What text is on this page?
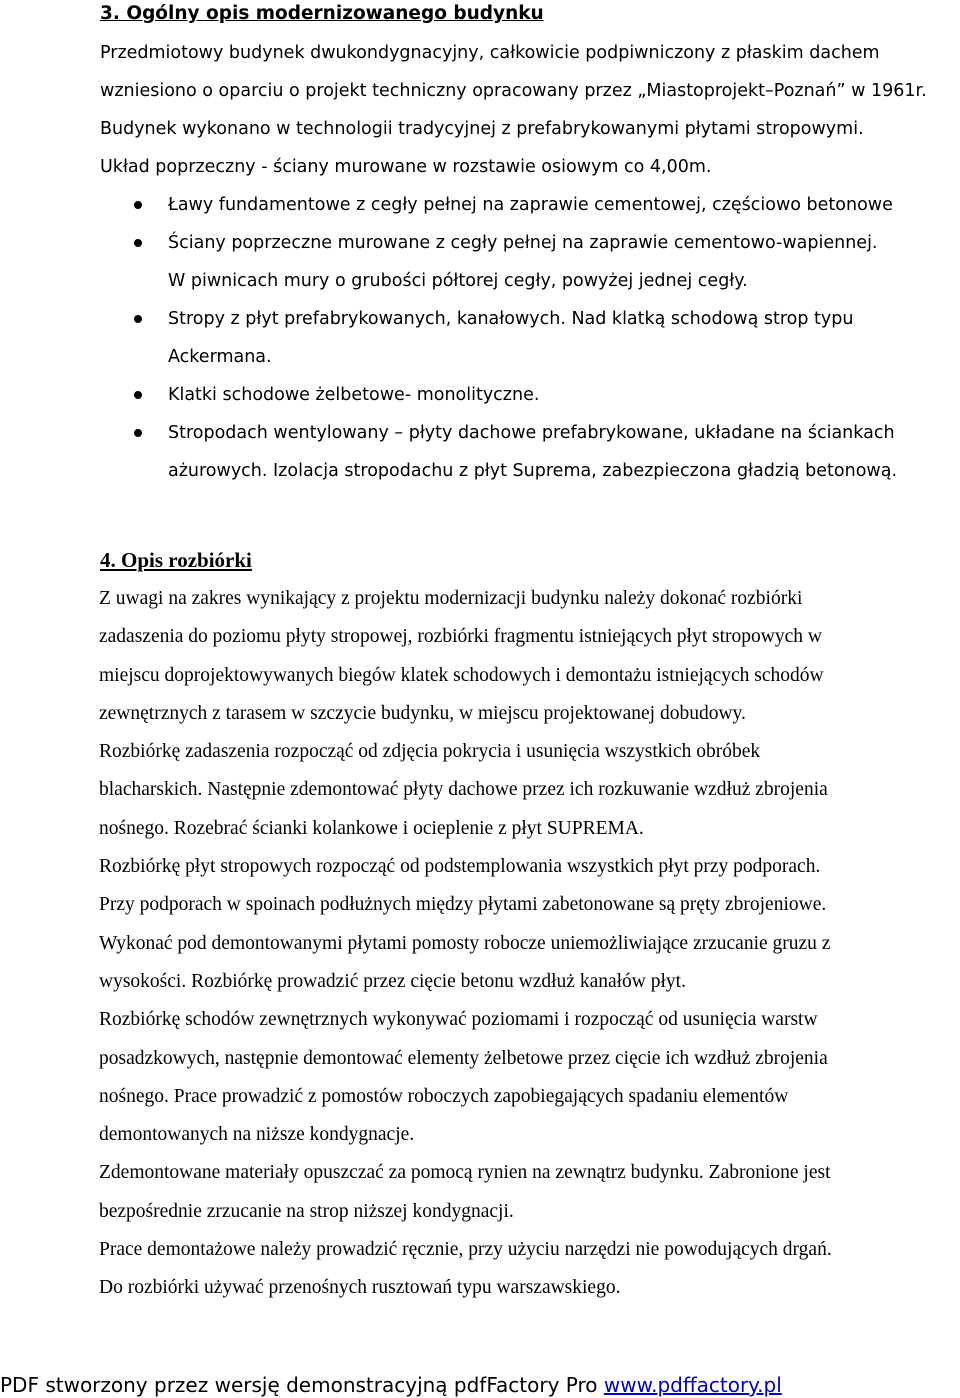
3. Ogólny opis modernizowanego budynku
Przedmiotowy budynek dwukondygnacyjny, całkowicie podpiwniczony z płaskim dachem
wzniesiono o oparciu o projekt techniczny opracowany przez „Miastoprojekt–Poznań” w 1961r.
Budynek wykonano w technologii tradycyjnej z prefabrykowanymi płytami stropowymi.
Układ poprzeczny - ściany murowane w rozstawie osiowym co 4,00m.
Ławy fundamentowe z cegły pełnej na zaprawie cementowej, częściowo betonowe
Ściany poprzeczne murowane z cegły pełnej na zaprawie cementowo-wapiennej.
W piwnicach mury o grubości półtorej cegły, powyżej jednej cegły.
Stropy z płyt prefabrykowanych, kanałowych. Nad klatką schodową strop typu
Ackermana.
Klatki schodowe żelbetowe- monolityczne.
Stropodach wentylowany – płyty dachowe prefabrykowane, układane na ściankach
ażurowych. Izolacja stropodachu z płyt Suprema, zabezpieczona gładzią betonową.
4. Opis rozbiórki
Z uwagi na zakres wynikający z projektu modernizacji budynku należy dokonać rozbiórki
zadaszenia do poziomu płyty stropowej, rozbiórki fragmentu istniejących płyt stropowych w
miejscu doprojektowywanych biegów klatek schodowych i demontażu istniejących schodów
zewnętrznych z tarasem w szczycie budynku, w miejscu projektowanej dobudowy.
Rozbiórkę zadaszenia rozpocząć od zdjęcia pokrycia i usunięcia wszystkich obróbek
blacharskich. Następnie zdemontować płyty dachowe przez ich rozkuwanie wzdłuż zbrojenia
nośnego. Rozebrać ścianki kolankowe i ocieplenie z płyt SUPREMA.
Rozbiórkę płyt stropowych rozpocząć od podstemplowania wszystkich płyt przy podporach.
Przy podporach w spoinach podłużnych między płytami zabetonowane są pręty zbrojeniowe.
Wykonać pod demontowanymi płytami pomosty robocze uniemożliwiające zrzucanie gruzu z
wysokości. Rozbiórkę prowadzić przez cięcie betonu wzdłuż kanałów płyt.
Rozbiórkę schodów zewnętrznych wykonywać poziomami i rozpocząć od usunięcia warstw
posadzkowych, następnie demontować elementy żelbetowe przez cięcie ich wzdłuż zbrojenia
nośnego. Prace prowadzić z pomostów roboczych zapobiegających spadaniu elementów
demontowanych na niższe kondygnacje.
Zdemontowane materiały opuszczać za pomocą rynien na zewnątrz budynku. Zabronione jest
bezpośrednie zrzucanie na strop niższej kondygnacji.
Prace demontażowe należy prowadzić ręcznie, przy użyciu narzędzi nie powodujących drgań.
Do rozbiórki używać przenośnych rusztowań typu warszawskiego.
PDF stworzony przez wersję demonstracyjną pdfFactory Pro www.pdffactory.pl
